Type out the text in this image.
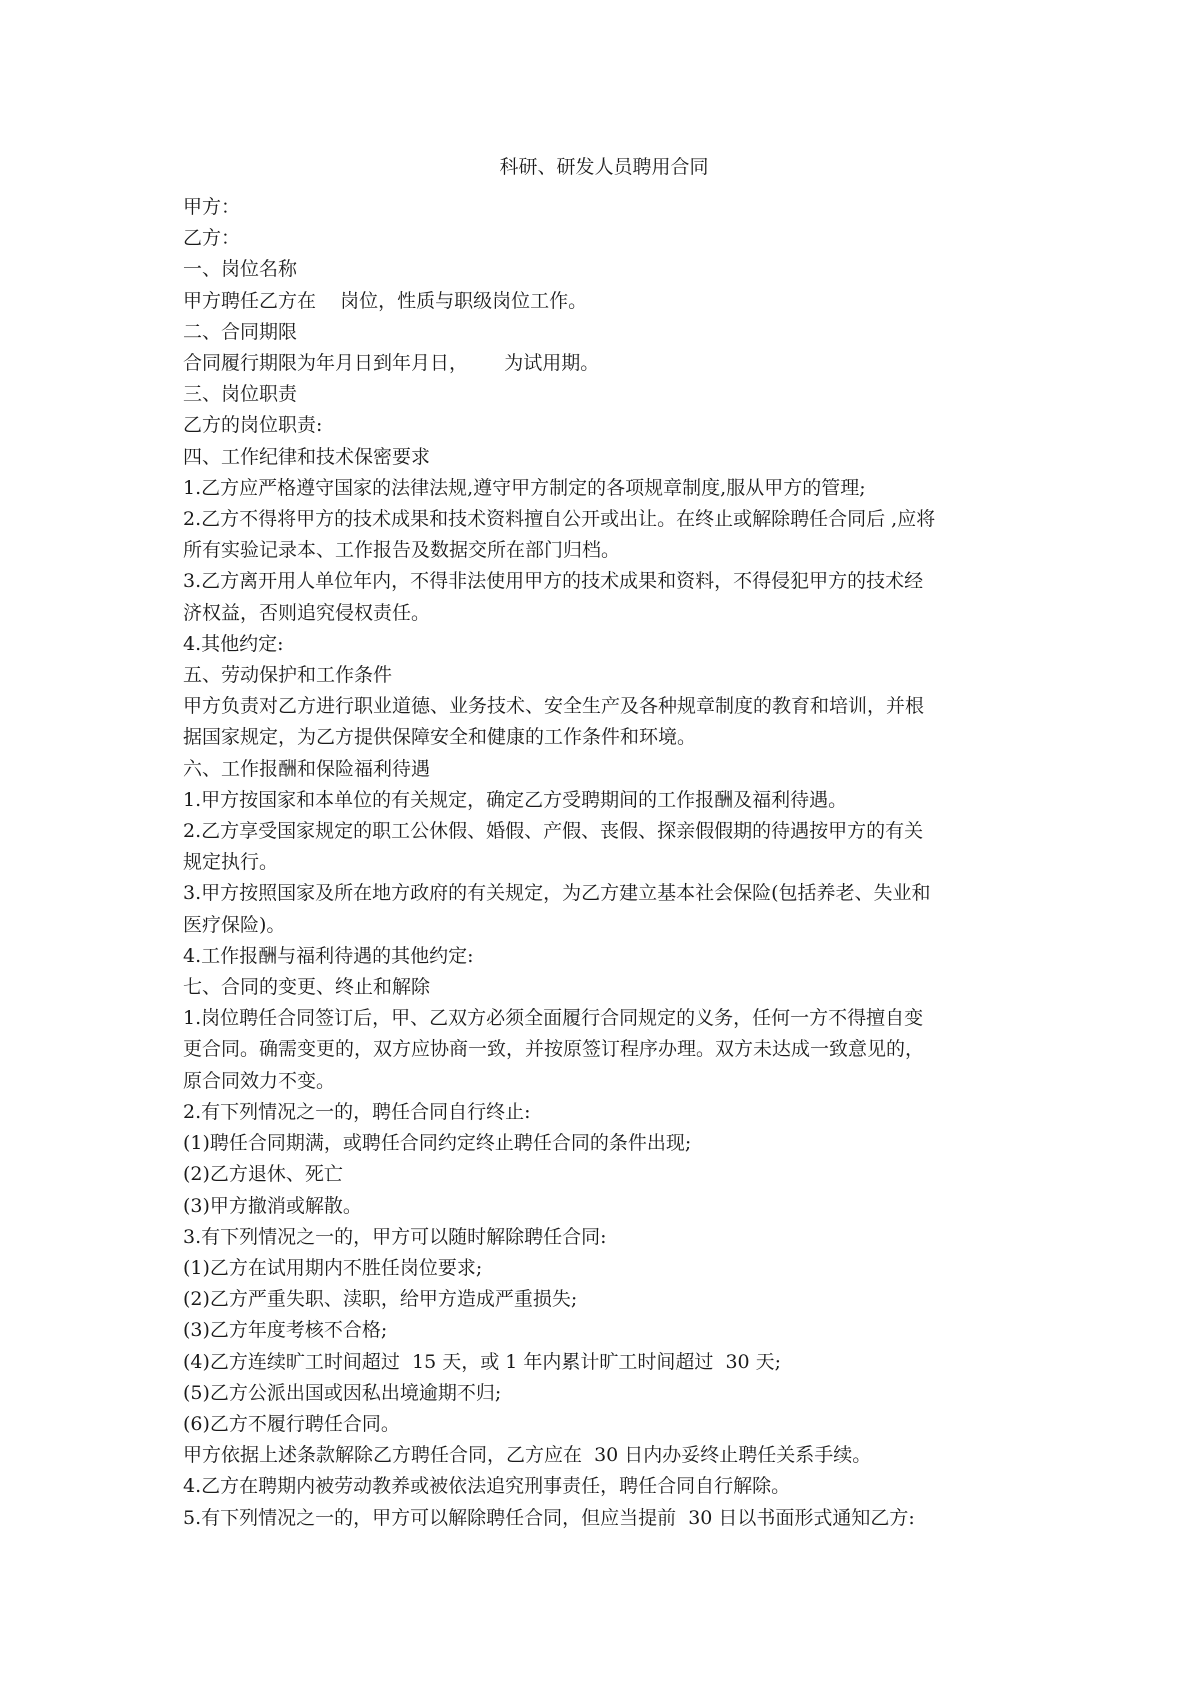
科研、研发人员聘用合同

甲方：

乙方：

一、岗位名称

甲方聘任乙方在    岗位，性质与职级岗位工作。

二、合同期限

合同履行期限为年月日到年月日，      为试用期。

三、岗位职责

乙方的岗位职责:

四、工作纪律和技术保密要求

1.乙方应严格遵守国家的法律法规,遵守甲方制定的各项规章制度,服从甲方的管理;

2.乙方不得将甲方的技术成果和技术资料擅自公开或出让。在终止或解除聘任合同后 ,应将

所有实验记录本、工作报告及数据交所在部门归档。

3.乙方离开用人单位年内，不得非法使用甲方的技术成果和资料，不得侵犯甲方的技术经

济权益，否则追究侵权责任。

4.其他约定:

五、劳动保护和工作条件

甲方负责对乙方进行职业道德、业务技术、安全生产及各种规章制度的教育和培训，并根

据国家规定，为乙方提供保障安全和健康的工作条件和环境。

六、工作报酬和保险福利待遇

1.甲方按国家和本单位的有关规定，确定乙方受聘期间的工作报酬及福利待遇。

2.乙方享受国家规定的职工公休假、婚假、产假、丧假、探亲假假期的待遇按甲方的有关

规定执行。

3.甲方按照国家及所在地方政府的有关规定，为乙方建立基本社会保险(包括养老、失业和

医疗保险)。

4.工作报酬与福利待遇的其他约定:

七、合同的变更、终止和解除

1.岗位聘任合同签订后，甲、乙双方必须全面履行合同规定的义务，任何一方不得擅自变

更合同。确需变更的，双方应协商一致，并按原签订程序办理。双方未达成一致意见的，

原合同效力不变。

2.有下列情况之一的，聘任合同自行终止:

(1)聘任合同期满，或聘任合同约定终止聘任合同的条件出现;

(2)乙方退休、死亡

(3)甲方撤消或解散。

3.有下列情况之一的，甲方可以随时解除聘任合同:

(1)乙方在试用期内不胜任岗位要求;

(2)乙方严重失职、渎职，给甲方造成严重损失;

(3)乙方年度考核不合格;

(4)乙方连续旷工时间超过  15 天，或 1 年内累计旷工时间超过  30 天;

(5)乙方公派出国或因私出境逾期不归;

(6)乙方不履行聘任合同。

甲方依据上述条款解除乙方聘任合同，乙方应在  30 日内办妥终止聘任关系手续。

4.乙方在聘期内被劳动教养或被依法追究刑事责任，聘任合同自行解除。

5.有下列情况之一的，甲方可以解除聘任合同，但应当提前  30 日以书面形式通知乙方:
